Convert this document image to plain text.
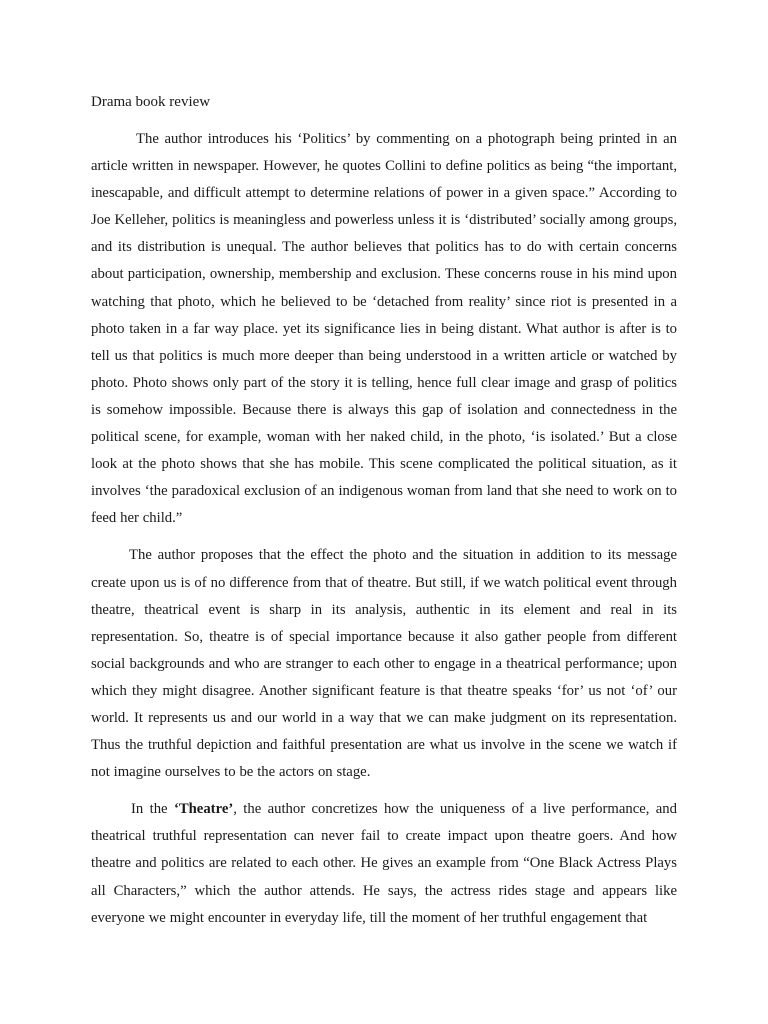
Drama book review

The author introduces his ‘Politics’ by commenting on a photograph being printed in an article written in newspaper. However, he quotes Collini to define politics as being “the important, inescapable, and difficult attempt to determine relations of power in a given space.” According to Joe Kelleher, politics is meaningless and powerless unless it is ‘distributed’ socially among groups, and its distribution is unequal. The author believes that politics has to do with certain concerns about participation, ownership, membership and exclusion. These concerns rouse in his mind upon watching that photo, which he believed to be ‘detached from reality’ since riot is presented in a photo taken in a far way place. yet its significance lies in being distant. What author is after is to tell us that politics is much more deeper than being understood in a written article or watched by photo. Photo shows only part of the story it is telling, hence full clear image and grasp of politics is somehow impossible. Because there is always this gap of isolation and connectedness in the political scene, for example, woman with her naked child, in the photo, ‘is isolated.’ But a close look at the photo shows that she has mobile. This scene complicated the political situation, as it involves ‘the paradoxical exclusion of an indigenous woman from land that she need to work on to feed her child.”

The author proposes that the effect the photo and the situation in addition to its message create upon us is of no difference from that of theatre. But still, if we watch political event through theatre, theatrical event is sharp in its analysis, authentic in its element and real in its representation. So, theatre is of special importance because it also gather people from different social backgrounds and who are stranger to each other to engage in a theatrical performance; upon which they might disagree. Another significant feature is that theatre speaks ‘for’ us not ‘of’ our world. It represents us and our world in a way that we can make judgment on its representation. Thus the truthful depiction and faithful presentation are what us involve in the scene we watch if not imagine ourselves to be the actors on stage.

In the ‘Theatre’, the author concretizes how the uniqueness of a live performance, and theatrical truthful representation can never fail to create impact upon theatre goers. And how theatre and politics are related to each other. He gives an example from “One Black Actress Plays all Characters,” which the author attends. He says, the actress rides stage and appears like everyone we might encounter in everyday life, till the moment of her truthful engagement that
